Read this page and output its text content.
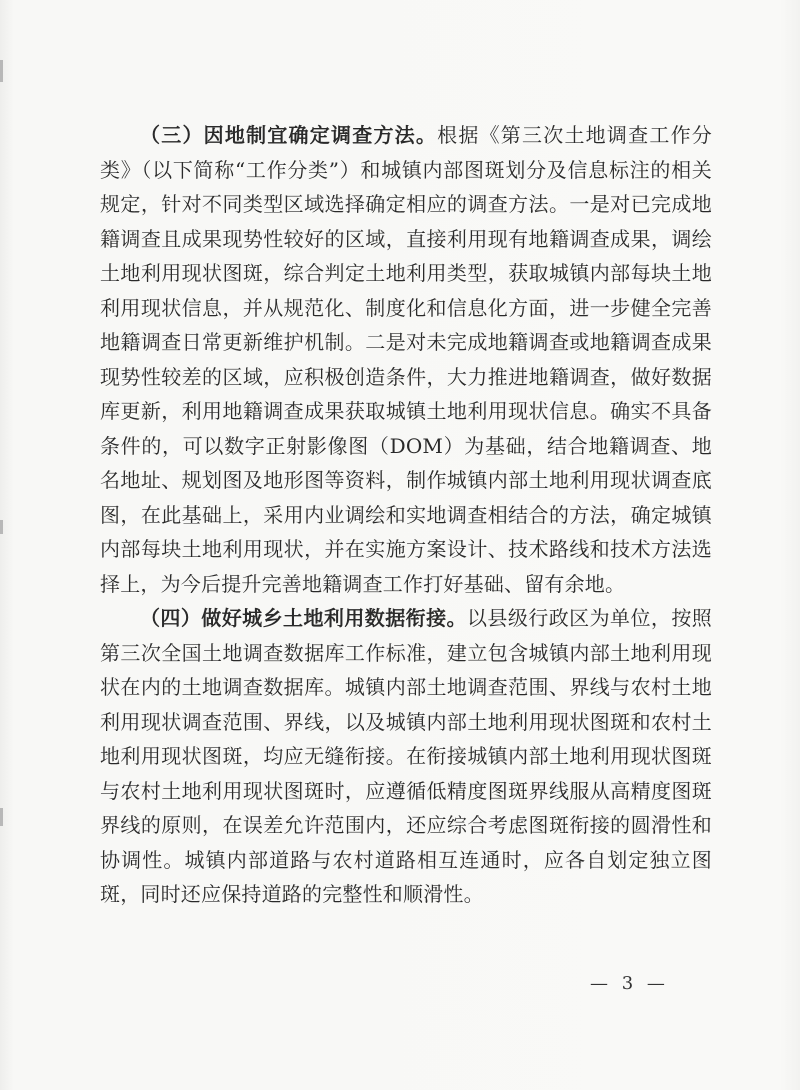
（三）因地制宜确定调查方法。根据《第三次土地调查工作分类》（以下简称“工作分类”）和城镇内部图斑划分及信息标注的相关规定，针对不同类型区域选择确定相应的调查方法。一是对已完成地籍调查且成果现势性较好的区域，直接利用现有地籍调查成果，调绘土地利用现状图斑，综合判定土地利用类型，获取城镇内部每块土地利用现状信息，并从规范化、制度化和信息化方面，进一步健全完善地籍调查日常更新维护机制。二是对未完成地籍调查或地籍调查成果现势性较差的区域，应积极创造条件，大力推进地籍调查，做好数据库更新，利用地籍调查成果获取城镇土地利用现状信息。确实不具备条件的，可以数字正射影像图（DOM）为基础，结合地籍调查、地名地址、规划图及地形图等资料，制作城镇内部土地利用现状调查底图，在此基础上，采用内业调绘和实地调查相结合的方法，确定城镇内部每块土地利用现状，并在实施方案设计、技术路线和技术方法选择上，为今后提升完善地籍调查工作打好基础、留有余地。

（四）做好城乡土地利用数据衔接。以县级行政区为单位，按照第三次全国土地调查数据库工作标准，建立包含城镇内部土地利用现状在内的土地调查数据库。城镇内部土地调查范围、界线与农村土地利用现状调查范围、界线，以及城镇内部土地利用现状图斑和农村土地利用现状图斑，均应无缝衔接。在衔接城镇内部土地利用现状图斑与农村土地利用现状图斑时，应遵循低精度图斑界线服从高精度图斑界线的原则，在误差允许范围内，还应综合考虑图斑衔接的圆滑性和协调性。城镇内部道路与农村道路相互连通时，应各自划定独立图斑，同时还应保持道路的完整性和顺滑性。

— 3 —
